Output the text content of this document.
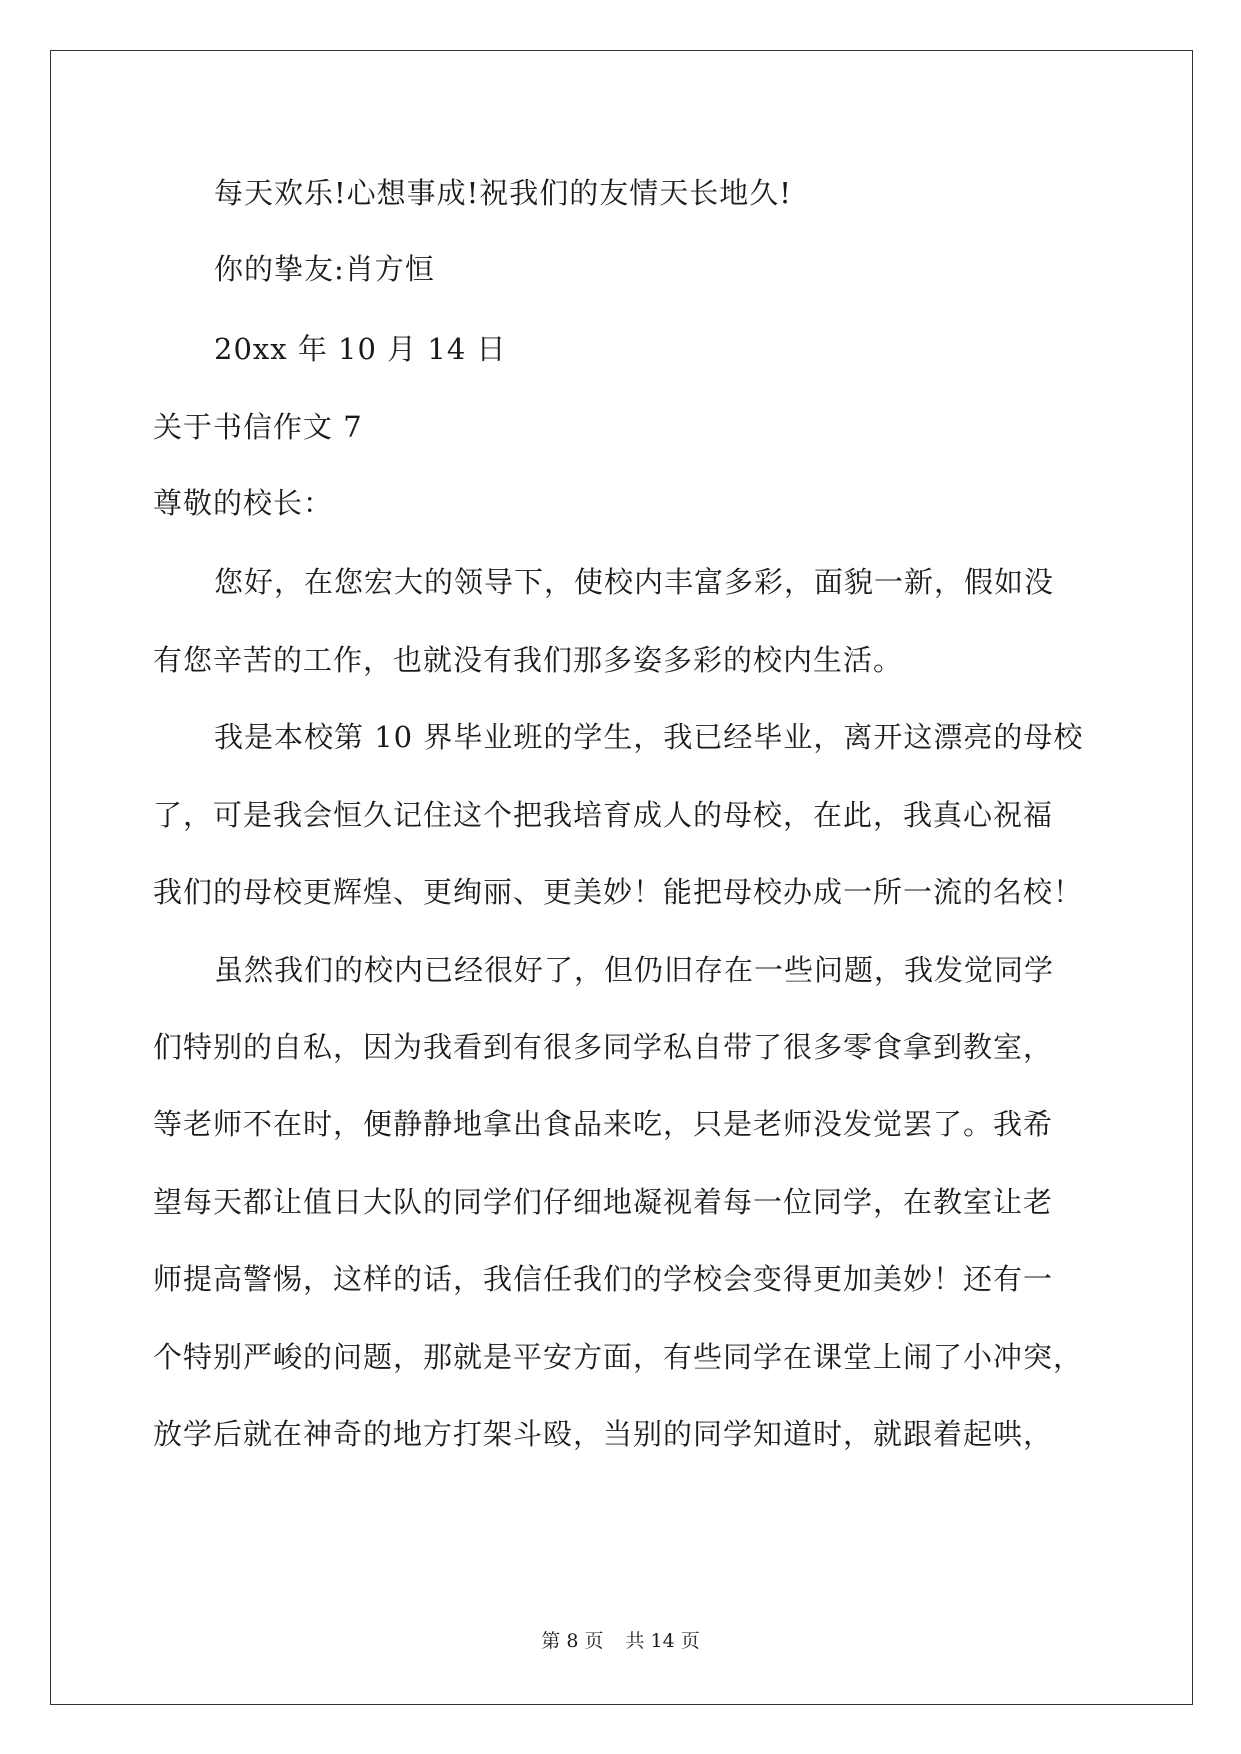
每天欢乐!心想事成!祝我们的友情天长地久!
你的挚友:肖方恒
20xx 年 10 月 14 日
关于书信作文 7
尊敬的校长：
您好，在您宏大的领导下，使校内丰富多彩，面貌一新，假如没
有您辛苦的工作，也就没有我们那多姿多彩的校内生活。
我是本校第 10 界毕业班的学生，我已经毕业，离开这漂亮的母校
了，可是我会恒久记住这个把我培育成人的母校，在此，我真心祝福
我们的母校更辉煌、更绚丽、更美妙！能把母校办成一所一流的名校！
虽然我们的校内已经很好了，但仍旧存在一些问题，我发觉同学
们特别的自私，因为我看到有很多同学私自带了很多零食拿到教室，
等老师不在时，便静静地拿出食品来吃，只是老师没发觉罢了。我希
望每天都让值日大队的同学们仔细地凝视着每一位同学，在教室让老
师提高警惕，这样的话，我信任我们的学校会变得更加美妙！还有一
个特别严峻的问题，那就是平安方面，有些同学在课堂上闹了小冲突，
放学后就在神奇的地方打架斗殴，当别的同学知道时，就跟着起哄，
第 8 页 共 14 页
